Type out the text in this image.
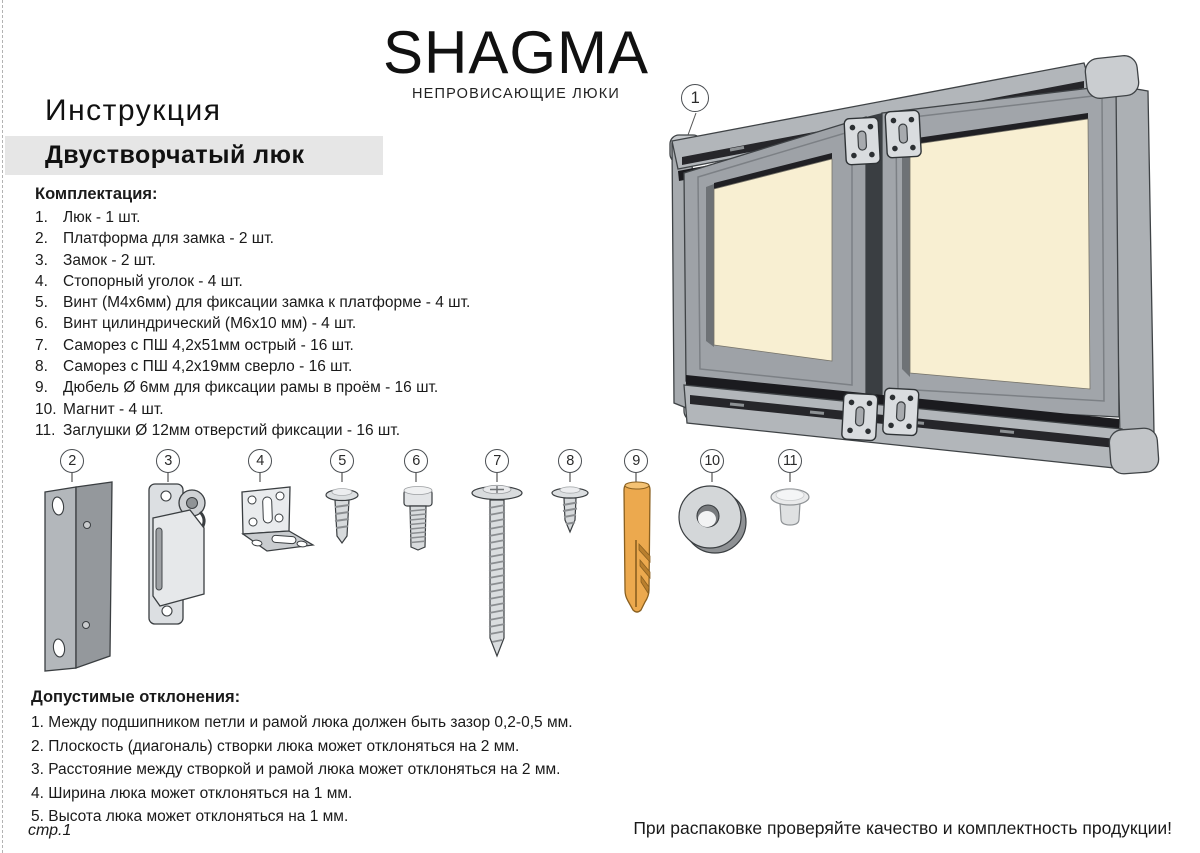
SHAGMA
НЕПРОВИСАЮЩИЕ ЛЮКИ
Инструкция
Двустворчатый люк
Комплектация:
1. Люк - 1 шт.
2. Платформа для замка - 2 шт.
3. Замок - 2 шт.
4. Стопорный уголок - 4 шт.
5. Винт (М4х6мм) для фиксации замка к платформе - 4 шт.
6. Винт цилиндрический (М6х10 мм) - 4 шт.
7. Саморез с ПШ 4,2х51мм острый - 16 шт.
8. Саморез с ПШ 4,2х19мм сверло - 16 шт.
9. Дюбель Ø 6мм для фиксации рамы в проём - 16 шт.
10. Магнит - 4 шт.
11. Заглушки Ø 12мм отверстий фиксации - 16 шт.
1
2	3	4	5	6	7	8	9	10	11
Допустимые отклонения:
1. Между подшипником петли и рамой люка должен быть зазор 0,2-0,5 мм.
2. Плоскость (диагональ) створки люка может отклоняться на 2 мм.
3. Расстояние между створкой и рамой люка может отклоняться на 2 мм.
4. Ширина люка может отклоняться на 1 мм.
5. Высота люка может отклоняться на 1 мм.
стр.1	При распаковке проверяйте качество и комплектность продукции!
